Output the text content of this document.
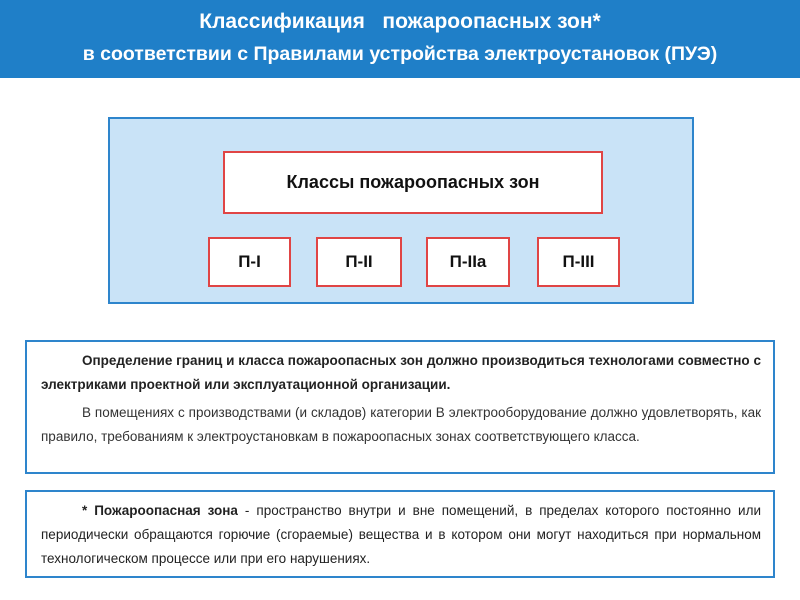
Классификация   пожароопасных зон*
в соответствии с Правилами устройства электроустановок (ПУЭ)
Классы пожароопасных зон
П-I	П-II	П-IIa	П-III

Определение границ и класса пожароопасных зон должно производиться технологами совместно с электриками проектной или эксплуатационной организации.

В помещениях с производствами (и складов) категории В электрооборудование должно удовлетворять, как правило, требованиям к электроустановкам в пожароопасных зонах соответствующего класса.

* Пожароопасная зона - пространство внутри и вне помещений, в пределах которого постоянно или периодически обращаются горючие (сгораемые) вещества и в котором они могут находиться при нормальном технологическом процессе или при его нарушениях.
